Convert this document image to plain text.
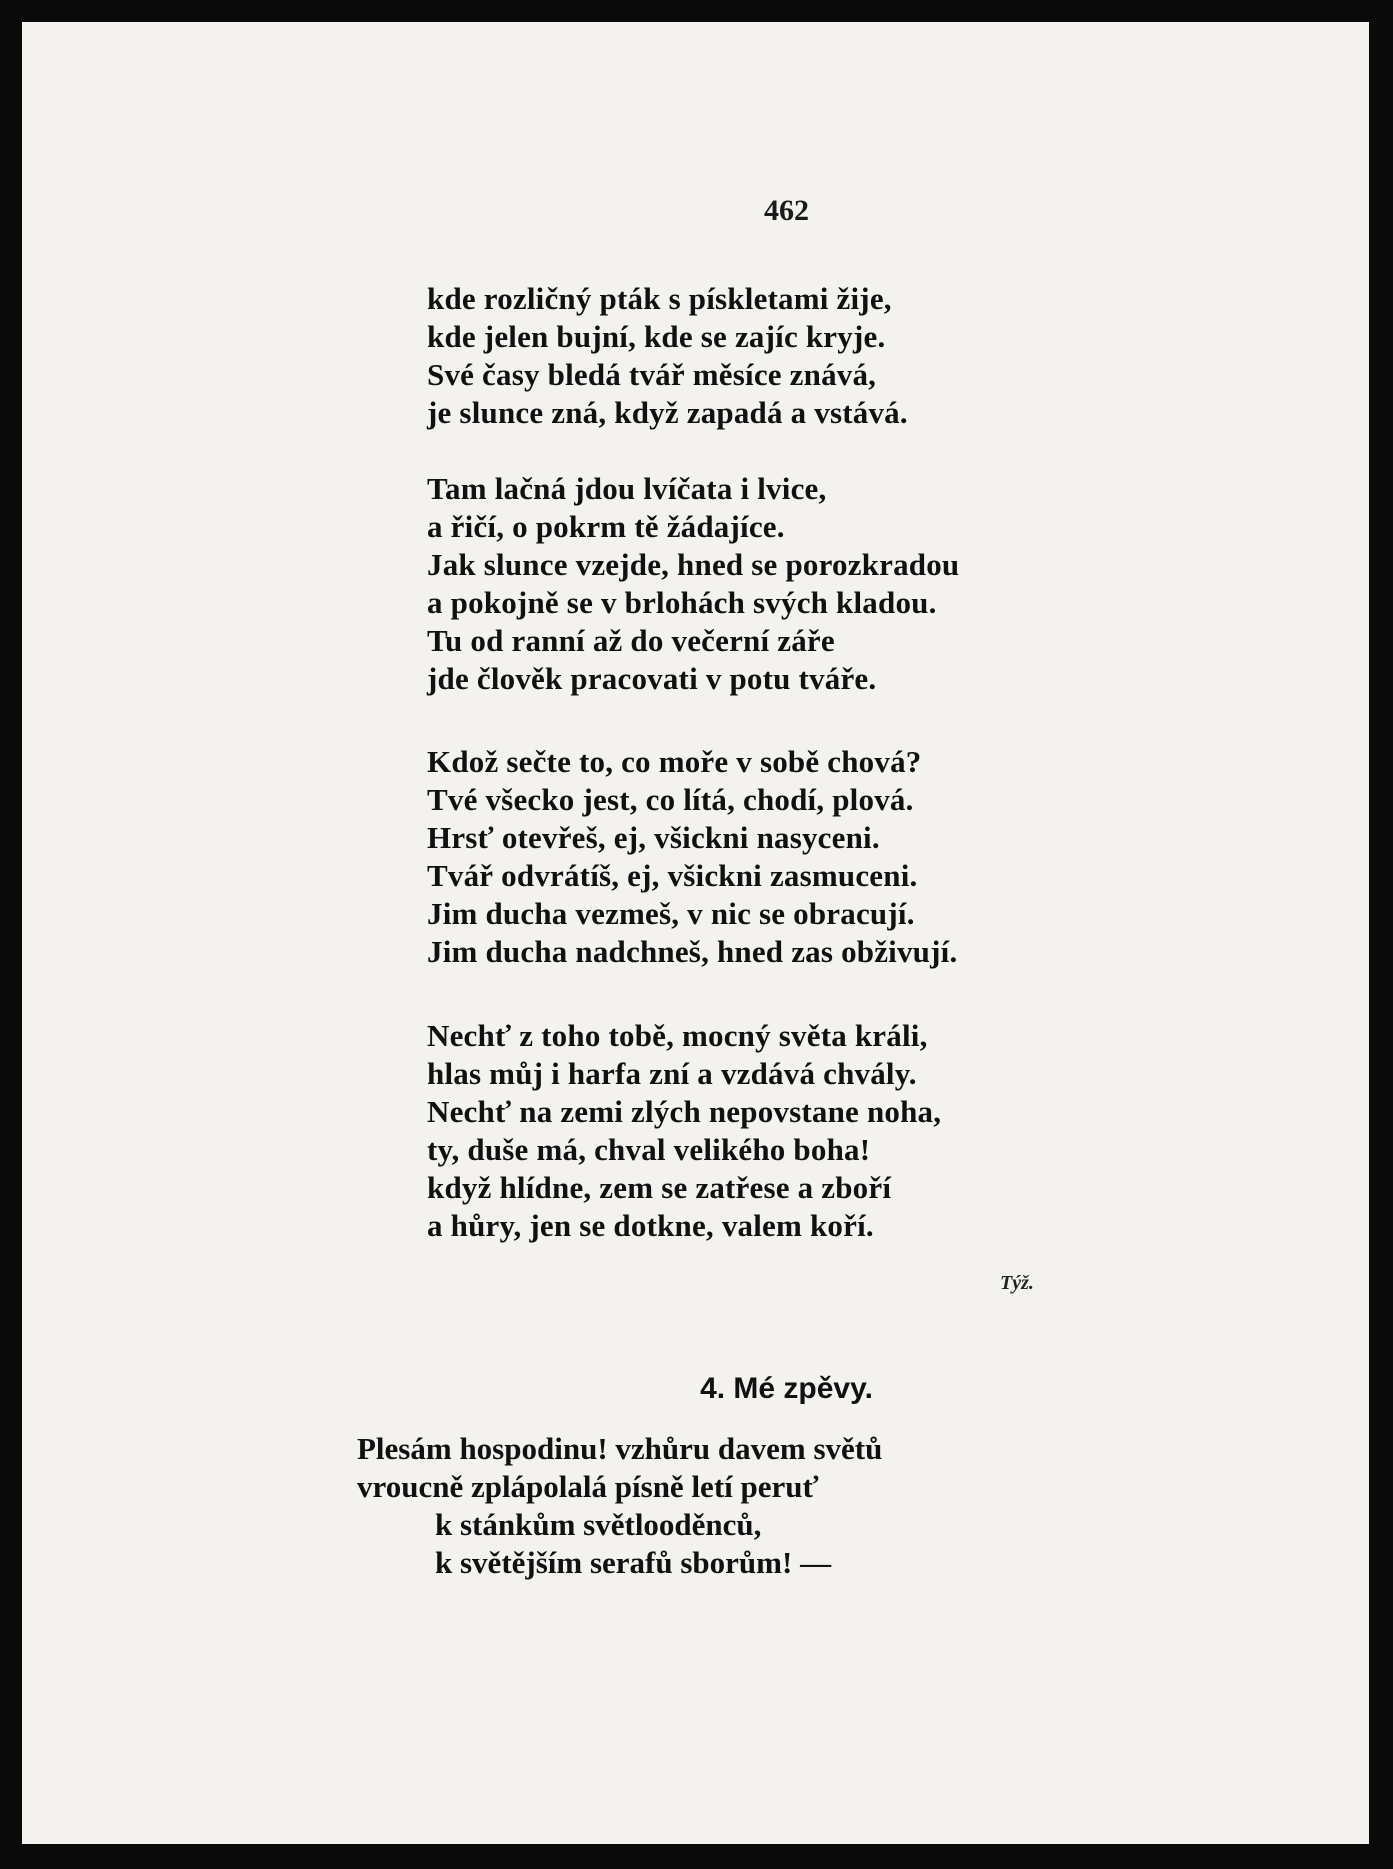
462
kde rozličný pták s pískletami žije,
kde jelen bujní, kde se zajíc kryje.
Své časy bledá tvář měsíce znává,
je slunce zná, když zapadá a vstává.
Tam lačná jdou lvíčata i lvice,
a řičí, o pokrm tě žádajíce.
Jak slunce vzejde, hned se porozkradou
a pokojně se v brlohách svých kladou.
Tu od ranní až do večerní záře
jde člověk pracovati v potu tváře.
Kdož sečte to, co moře v sobě chová?
Tvé všecko jest, co lítá, chodí, plová.
Hrsť otevřeš, ej, všickni nasyceni.
Tvář odvrátíš, ej, všickni zasmuceni.
Jim ducha vezmeš, v nic se obracují.
Jim ducha nadchneš, hned zas obživují.
Nechť z toho tobě, mocný světa králi,
hlas můj i harfa zní a vzdává chvály.
Nechť na zemi zlých nepovstane noha,
ty, duše má, chval velikého boha!
když hlídne, zem se zatřese a zboří
a hůry, jen se dotkne, valem koří.
Týž.
4. Mé zpěvy.
Plesám hospodinu! vzhůru davem světů
vroucně zplápolalá písně letí peruť
k stánkům světlooděnců,
k světějším serafů sborům! —
